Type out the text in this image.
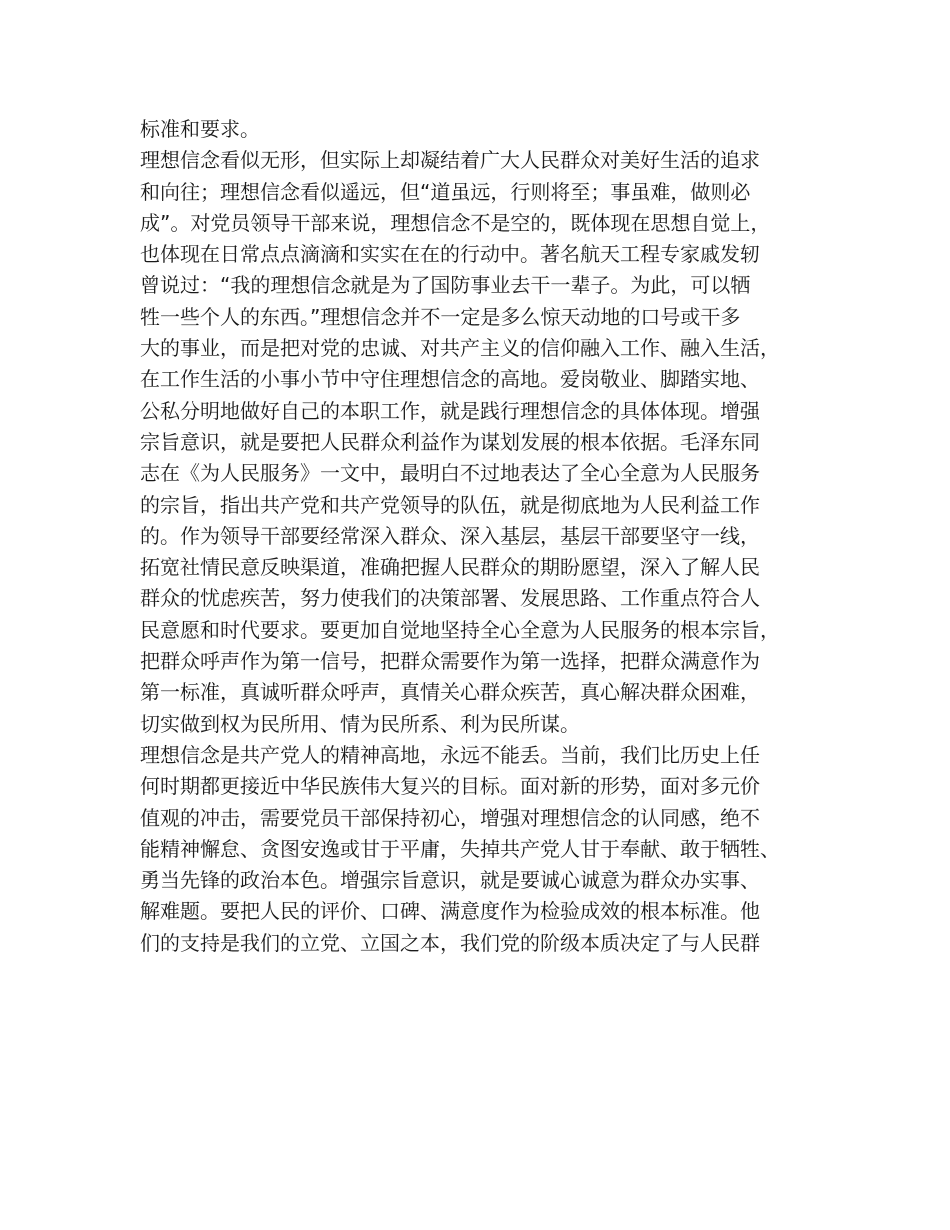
标准和要求。
理想信念看似无形，但实际上却凝结着广大人民群众对美好生活的追求
和向往；理想信念看似遥远，但“道虽远，行则将至；事虽难，做则必
成”。对党员领导干部来说，理想信念不是空的，既体现在思想自觉上，
也体现在日常点点滴滴和实实在在的行动中。著名航天工程专家戚发轫
曾说过：“我的理想信念就是为了国防事业去干一辈子。为此，可以牺
牲一些个人的东西。”理想信念并不一定是多么惊天动地的口号或干多
大的事业，而是把对党的忠诚、对共产主义的信仰融入工作、融入生活，
在工作生活的小事小节中守住理想信念的高地。爱岗敬业、脚踏实地、
公私分明地做好自己的本职工作，就是践行理想信念的具体体现。增强
宗旨意识，就是要把人民群众利益作为谋划发展的根本依据。毛泽东同
志在《为人民服务》一文中，最明白不过地表达了全心全意为人民服务
的宗旨，指出共产党和共产党领导的队伍，就是彻底地为人民利益工作
的。作为领导干部要经常深入群众、深入基层，基层干部要坚守一线，
拓宽社情民意反映渠道，准确把握人民群众的期盼愿望，深入了解人民
群众的忧虑疾苦，努力使我们的决策部署、发展思路、工作重点符合人
民意愿和时代要求。要更加自觉地坚持全心全意为人民服务的根本宗旨，
把群众呼声作为第一信号，把群众需要作为第一选择，把群众满意作为
第一标准，真诚听群众呼声，真情关心群众疾苦，真心解决群众困难，
切实做到权为民所用、情为民所系、利为民所谋。
理想信念是共产党人的精神高地，永远不能丢。当前，我们比历史上任
何时期都更接近中华民族伟大复兴的目标。面对新的形势，面对多元价
值观的冲击，需要党员干部保持初心，增强对理想信念的认同感，绝不
能精神懈怠、贪图安逸或甘于平庸，失掉共产党人甘于奉献、敢于牺牲、
勇当先锋的政治本色。增强宗旨意识，就是要诚心诚意为群众办实事、
解难题。要把人民的评价、口碑、满意度作为检验成效的根本标准。他
们的支持是我们的立党、立国之本，我们党的阶级本质决定了与人民群
